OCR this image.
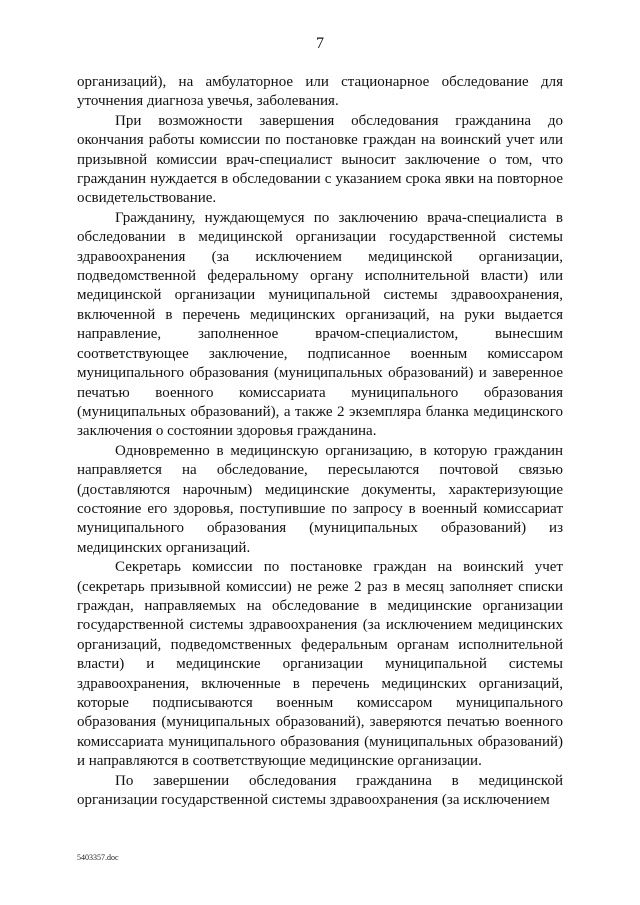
7

организаций), на амбулаторное или стационарное обследование для уточнения диагноза увечья, заболевания.

При возможности завершения обследования гражданина до окончания работы комиссии по постановке граждан на воинский учет или призывной комиссии врач-специалист выносит заключение о том, что гражданин нуждается в обследовании с указанием срока явки на повторное освидетельствование.

Гражданину, нуждающемуся по заключению врача-специалиста в обследовании в медицинской организации государственной системы здравоохранения (за исключением медицинской организации, подведомственной федеральному органу исполнительной власти) или медицинской организации муниципальной системы здравоохранения, включенной в перечень медицинских организаций, на руки выдается направление, заполненное врачом-специалистом, вынесшим соответствующее заключение, подписанное военным комиссаром муниципального образования (муниципальных образований) и заверенное печатью военного комиссариата муниципального образования (муниципальных образований), а также 2 экземпляра бланка медицинского заключения о состоянии здоровья гражданина.

Одновременно в медицинскую организацию, в которую гражданин направляется на обследование, пересылаются почтовой связью (доставляются нарочным) медицинские документы, характеризующие состояние его здоровья, поступившие по запросу в военный комиссариат муниципального образования (муниципальных образований) из медицинских организаций.

Секретарь комиссии по постановке граждан на воинский учет (секретарь призывной комиссии) не реже 2 раз в месяц заполняет списки граждан, направляемых на обследование в медицинские организации государственной системы здравоохранения (за исключением медицинских организаций, подведомственных федеральным органам исполнительной власти) и медицинские организации муниципальной системы здравоохранения, включенные в перечень медицинских организаций, которые подписываются военным комиссаром муниципального образования (муниципальных образований), заверяются печатью военного комиссариата муниципального образования (муниципальных образований) и направляются в соответствующие медицинские организации.

По завершении обследования гражданина в медицинской организации государственной системы здравоохранения (за исключением

5403357.doc
